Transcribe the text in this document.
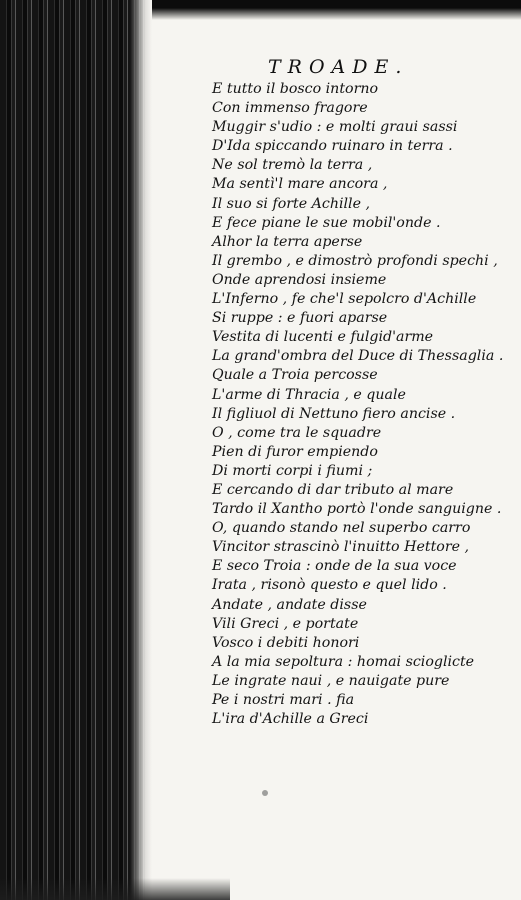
TROADE.
E tutto il bosco intorno
Con immenso fragore
Muggir s'udio : e molti graui sassi
D'Ida spiccando ruinaro in terra .
Ne sol tremò la terra ,
Ma sentì'l mare ancora ,
Il suo si forte Achille ,
E fece piane le sue mobil'onde .
Alhor la terra aperse
Il grembo , e dimostrò profondi spechi ,
Onde aprendosi insieme
L'Inferno , fe che'l sepolcro d'Achille
Si ruppe : e fuori aparse
Vestita di lucenti e fulgid'arme
La grand'ombra del Duce di Thessaglia .
Quale a Troia percosse
L'arme di Thracia , e quale
Il figliuol di Nettuno fiero ancise .
O , come tra le squadre
Pien di furor empiendo
Di morti corpi i fiumi ;
E cercando di dar tributo al mare
Tardo il Xantho portò l'onde sanguigne .
O, quando stando nel superbo carro
Vincitor strascinò l'inuitto Hettore ,
E seco Troia : onde de la sua voce
Irata , risonò questo e quel lido .
Andate , andate disse
Vili Greci , e portate
Vosco i debiti honori
A la mia sepoltura : homai scioglicte
Le ingrate naui , e nauigate pure
Pe i nostri mari . fia
L'ira d'Achille a Greci
